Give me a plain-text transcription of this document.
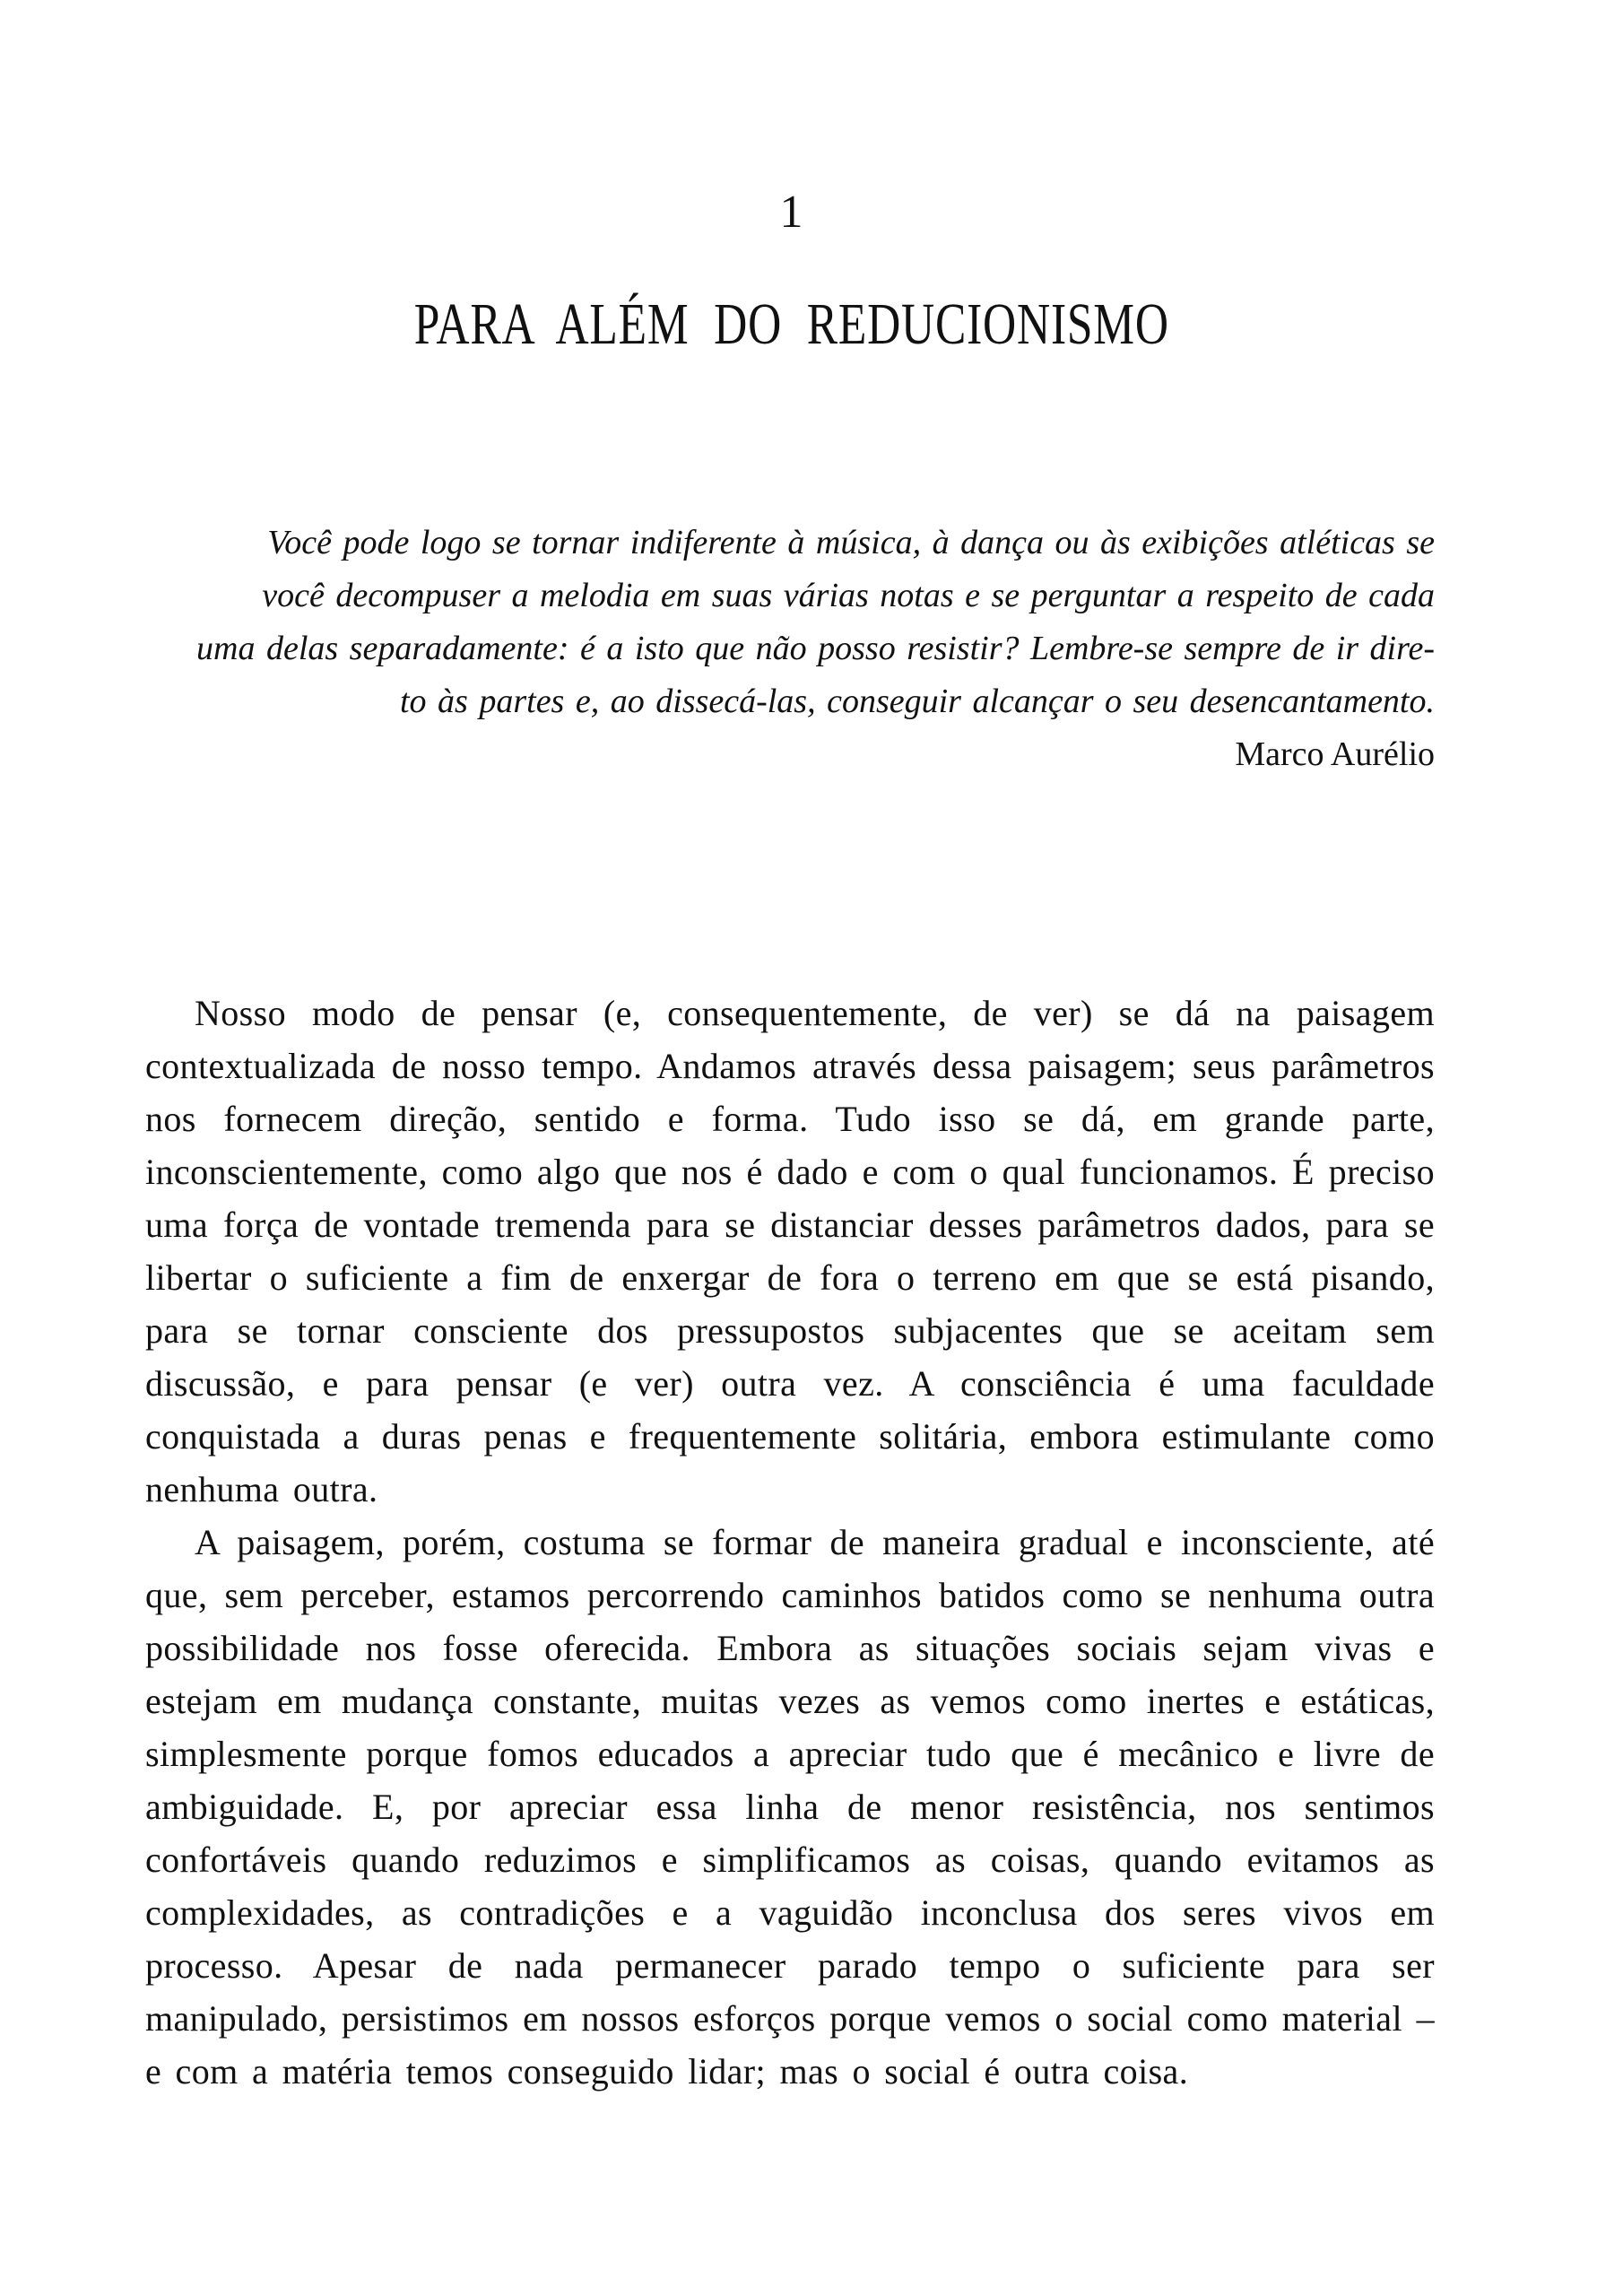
1
PARA ALÉM DO REDUCIONISMO
Você pode logo se tornar indiferente à música, à dança ou às exibições atléticas se
você decompuser a melodia em suas várias notas e se perguntar a respeito de cada
uma delas separadamente: é a isto que não posso resistir? Lembre-se sempre de ir dire-
to às partes e, ao dissecá-las, conseguir alcançar o seu desencantamento.
Marco Aurélio

Nosso modo de pensar (e, consequentemente, de ver) se dá na paisagem contextualizada de nosso tempo. Andamos através dessa paisagem; seus parâmetros nos fornecem direção, sentido e forma. Tudo isso se dá, em grande parte, inconscientemente, como algo que nos é dado e com o qual funcionamos. É preciso uma força de vontade tremenda para se distanciar desses parâmetros dados, para se libertar o suficiente a fim de enxergar de fora o terreno em que se está pisando, para se tornar consciente dos pressupostos subjacentes que se aceitam sem discussão, e para pensar (e ver) outra vez. A consciência é uma faculdade conquistada a duras penas e frequentemente solitária, embora estimulante como nenhuma outra.

A paisagem, porém, costuma se formar de maneira gradual e inconsciente, até que, sem perceber, estamos percorrendo caminhos batidos como se nenhuma outra possibilidade nos fosse oferecida. Embora as situações sociais sejam vivas e estejam em mudança constante, muitas vezes as vemos como inertes e estáticas, simplesmente porque fomos educados a apreciar tudo que é mecânico e livre de ambiguidade. E, por apreciar essa linha de menor resistência, nos sentimos confortáveis quando reduzimos e simplificamos as coisas, quando evitamos as complexidades, as contradições e a vaguidão inconclusa dos seres vivos em processo. Apesar de nada permanecer parado tempo o suficiente para ser manipulado, persistimos em nossos esforços porque vemos o social como material – e com a matéria temos conseguido lidar; mas o social é outra coisa.
